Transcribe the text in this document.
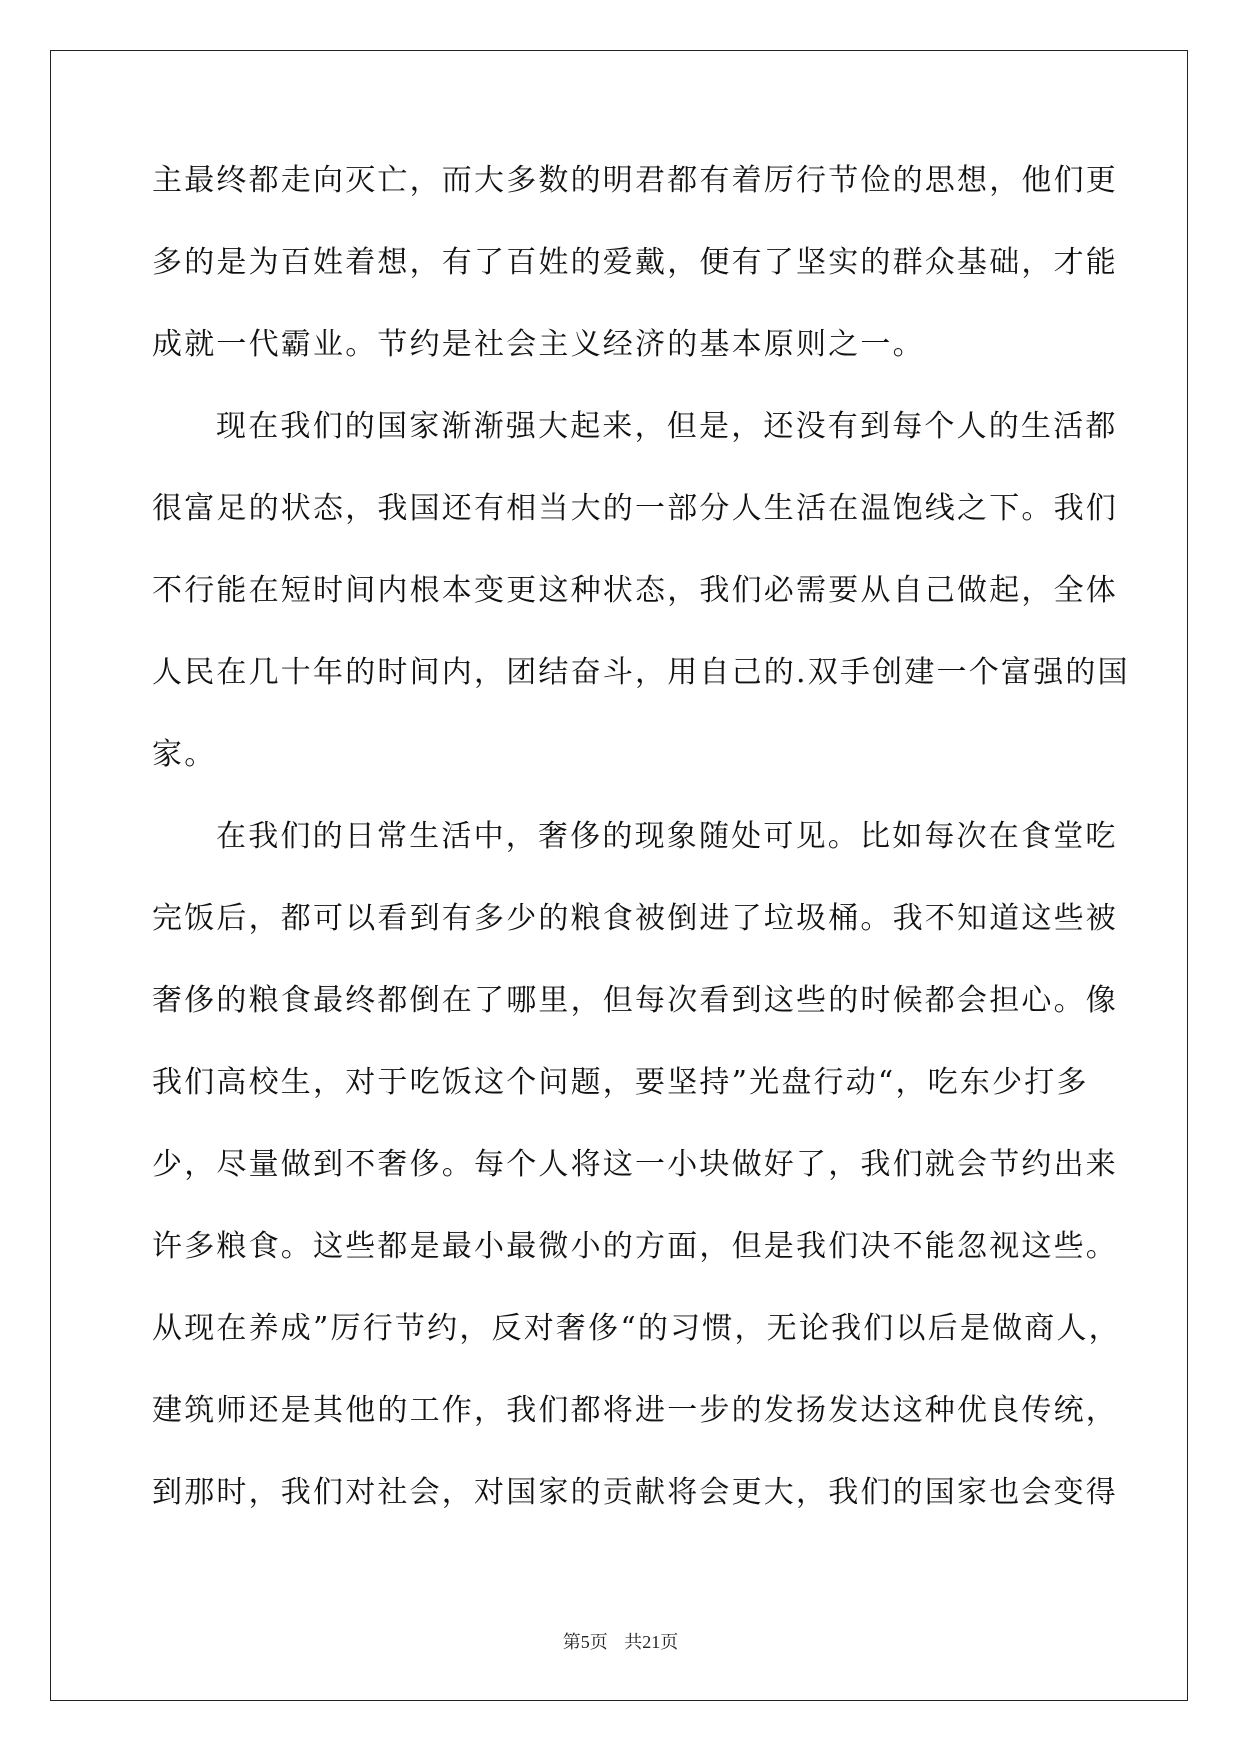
主最终都走向灭亡，而大多数的明君都有着厉行节俭的思想，他们更
多的是为百姓着想，有了百姓的爱戴，便有了坚实的群众基础，才能
成就一代霸业。节约是社会主义经济的基本原则之一。
现在我们的国家渐渐强大起来，但是，还没有到每个人的生活都
很富足的状态，我国还有相当大的一部分人生活在温饱线之下。我们
不行能在短时间内根本变更这种状态，我们必需要从自己做起，全体
人民在几十年的时间内，团结奋斗，用自己的.双手创建一个富强的国
家。
在我们的日常生活中，奢侈的现象随处可见。比如每次在食堂吃
完饭后，都可以看到有多少的粮食被倒进了垃圾桶。我不知道这些被
奢侈的粮食最终都倒在了哪里，但每次看到这些的时候都会担心。像
我们高校生，对于吃饭这个问题，要坚持”光盘行动“，吃东少打多
少，尽量做到不奢侈。每个人将这一小块做好了，我们就会节约出来
许多粮食。这些都是最小最微小的方面，但是我们决不能忽视这些。
从现在养成”厉行节约，反对奢侈“的习惯，无论我们以后是做商人，
建筑师还是其他的工作，我们都将进一步的发扬发达这种优良传统，
到那时，我们对社会，对国家的贡献将会更大，我们的国家也会变得
第5页 共21页
